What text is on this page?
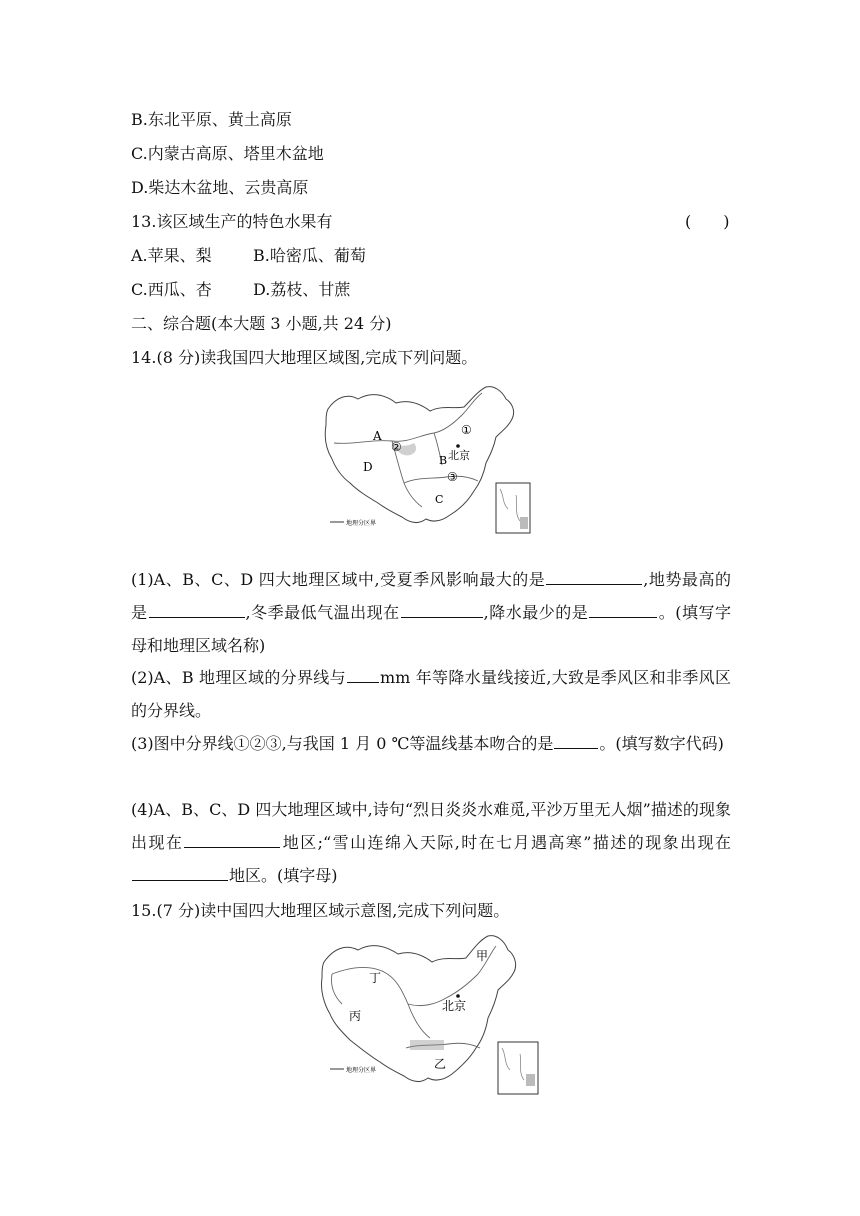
B.东北平原、黄土高原
C.内蒙古高原、塔里木盆地
D.柴达木盆地、云贵高原
13.该区域生产的特色水果有	(　　)
A.苹果、梨	B.哈密瓜、葡萄
C.西瓜、杏	D.荔枝、甘蔗
二、综合题(本大题 3 小题,共 24 分)
14.(8 分)读我国四大地理区域图,完成下列问题。
A
B
C
D
①
②
③
北京
地理分区界
(1)A、B、C、D 四大地理区域中,受夏季风影响最大的是	,地势最高的是	,冬季最低气温出现在	,降水最少的是	。(填写字母和地理区域名称)
(2)A、B 地理区域的分界线与 mm 年等降水量线接近,大致是季风区和非季风区的分界线。
(3)图中分界线①②③,与我国 1 月 0 ℃等温线基本吻合的是	。(填写数字代码)
(4)A、B、C、D 四大地理区域中,诗句“烈日炎炎水难觅,平沙万里无人烟”描述的现象出现在	地区;“雪山连绵入天际,时在七月遇高寒”描述的现象出现在地区。(填字母)
15.(7 分)读中国四大地理区域示意图,完成下列问题。
甲
乙
丙
丁
北京
地理分区界
